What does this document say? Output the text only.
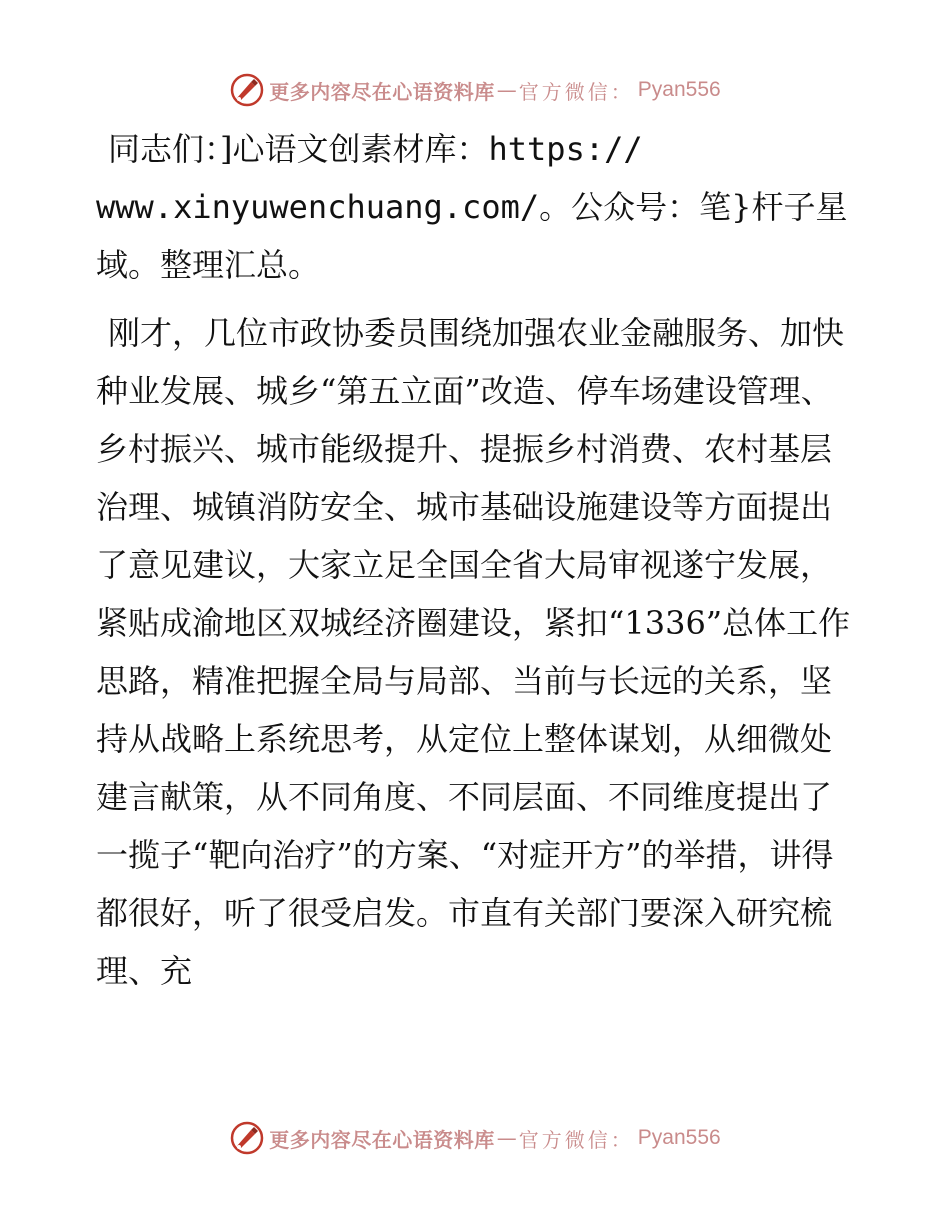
更多内容尽在心语资料库 — 官方微信： Pyan556

同志们：]心语文创素材库：https://
www.xinyuwenchuang.com/。公众号：笔}杆子星
域。整理汇总。

刚才，几位市政协委员围绕加强农业金融服务、加快种业发展、城乡“第五立面”改造、停车场建设管理、乡村振兴、城市能级提升、提振乡村消费、农村基层治理、城镇消防安全、城市基础设施建设等方面提出了意见建议，大家立足全国全省大局审视遂宁发展，紧贴成渝地区双城经济圈建设，紧扣“1336”总体工作思路，精准把握全局与局部、当前与长远的关系，坚持从战略上系统思考，从定位上整体谋划，从细微处建言献策，从不同角度、不同层面、不同维度提出了一揽子“靶向治疗”的方案、“对症开方”的举措，讲得都很好，听了很受启发。市直有关部门要深入研究梳理、充

更多内容尽在心语资料库 — 官方微信： Pyan556
